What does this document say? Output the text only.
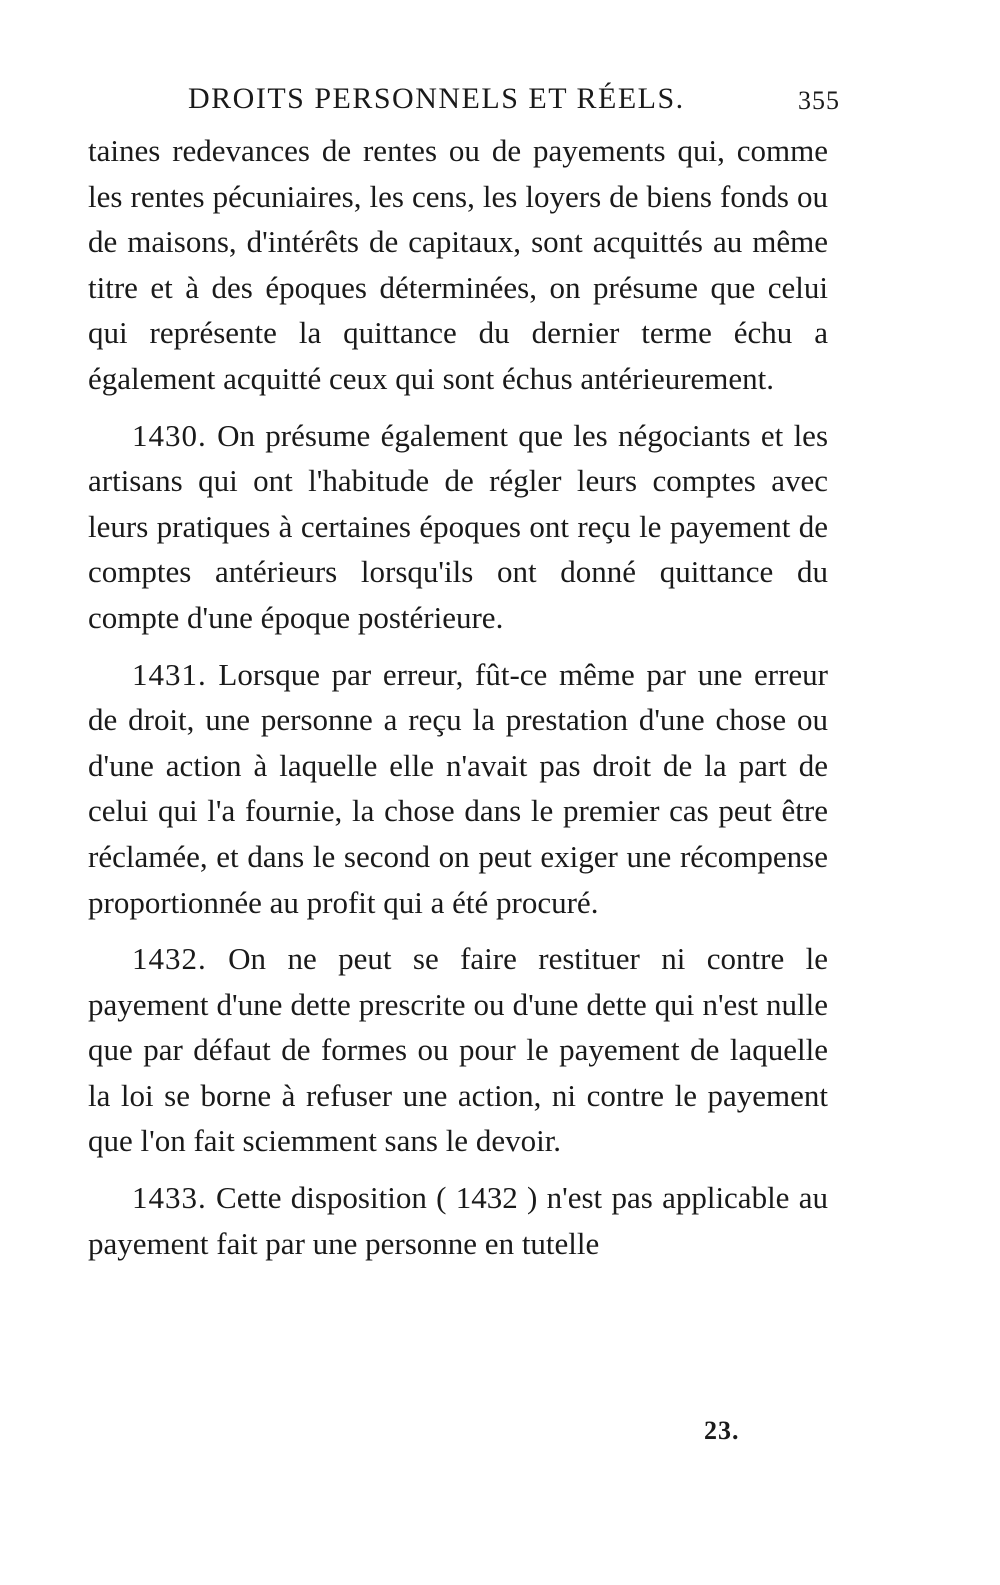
DROITS PERSONNELS ET RÉELS.	355

taines redevances de rentes ou de payements qui, comme les rentes pécuniaires, les cens, les loyers de biens fonds ou de maisons, d'intérêts de capitaux, sont acquittés au même titre et à des époques déterminées, on présume que celui qui représente la quittance du dernier terme échu a également acquitté ceux qui sont échus antérieurement.

1430. On présume également que les négociants et les artisans qui ont l'habitude de régler leurs comptes avec leurs pratiques à certaines époques ont reçu le payement de comptes antérieurs lorsqu'ils ont donné quittance du compte d'une époque postérieure.

1431. Lorsque par erreur, fût-ce même par une erreur de droit, une personne a reçu la prestation d'une chose ou d'une action à laquelle elle n'avait pas droit de la part de celui qui l'a fournie, la chose dans le premier cas peut être réclamée, et dans le second on peut exiger une récompense proportionnée au profit qui a été procuré.

1432. On ne peut se faire restituer ni contre le payement d'une dette prescrite ou d'une dette qui n'est nulle que par défaut de formes ou pour le payement de laquelle la loi se borne à refuser une action, ni contre le payement que l'on fait sciemment sans le devoir.

1433. Cette disposition ( 1432 ) n'est pas applicable au payement fait par une personne en tutelle

23.
